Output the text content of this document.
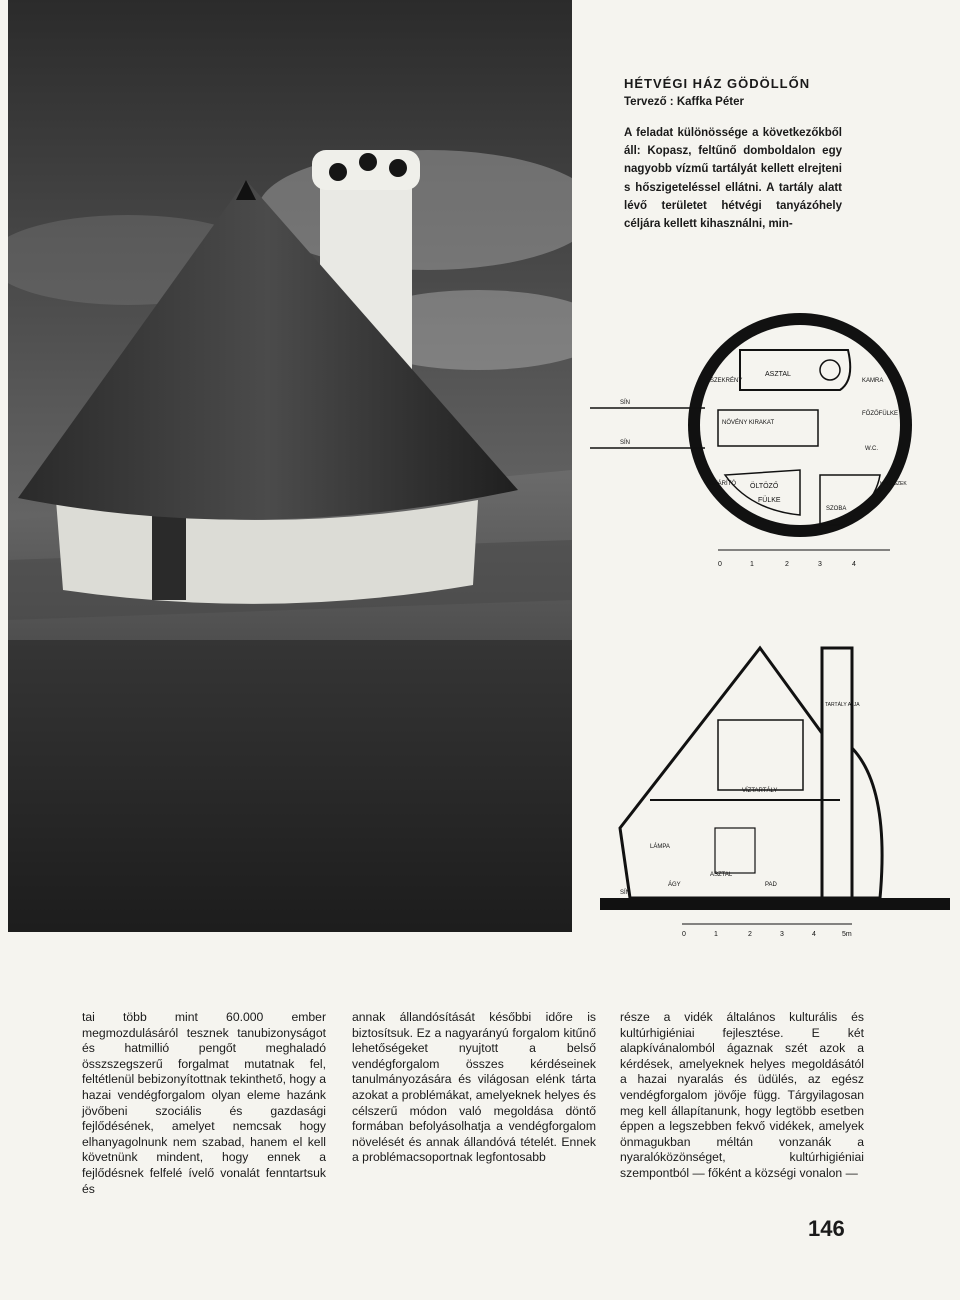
HÉTVÉGI HÁZ GÖDÖLLŐN

Tervező : Kaffka Péter

A feladat különössége a következőkből áll: Kopasz, feltűnő domboldalon egy nagyobb vízmű tartályát kellett elrejteni s hőszigeteléssel ellátni. A tartály alatt lévő területet hétvégi tanyázóhely céljára kellett kihasználni, min-

SÍN
SÍN
ASZTAL
NÖVÉNY KIRAKAT
ÖLTÖZŐ
FÜLKE
SZOBA
FŐZŐFÜLKE
KAMRA
SZEKRÉNY
W.C.
SZÁRÍTÓ
ABLAK
HÁLÓSZEK
0	1	2	3	4
VÍZTARTÁLY
LÁMPA
ÁGY
ASZTAL
PAD
SÍN
TARTÁLY ALJA
0	1	2	3	4	5m

tai több mint 60.000 ember megmozdulásáról tesznek tanubizonyságot és hatmillió pengőt meghaladó összszegszerű forgalmat mutatnak fel, feltétlenül bebizonyítottnak tekinthető, hogy a hazai vendégforgalom olyan eleme hazánk jövőbeni szociális és gazdasági fejlődésének, amelyet nemcsak hogy elhanyagolnunk nem szabad, hanem el kell követnünk mindent, hogy ennek a fejlődésnek felfelé ívelő vonalát fenntartsuk és

annak állandósítását későbbi időre is biztosítsuk. Ez a nagyarányú forgalom kitűnő lehetőségeket nyujtott a belső vendégforgalom összes kérdéseinek tanulmányozására és világosan elénk tárta azokat a problémákat, amelyeknek helyes és célszerű módon való megoldása döntő formában befolyásolhatja a vendégforgalom növelését és annak állandóvá tételét. Ennek a problémacsoportnak legfontosabb

része a vidék általános kulturális és kultúrhigiéniai fejlesztése. E két alapkívánalomból ágaznak szét azok a kérdések, amelyeknek helyes megoldásától a hazai nyaralás és üdülés, az egész vendégforgalom jövője függ. Tárgyilagosan meg kell állapítanunk, hogy legtöbb esetben éppen a legszebben fekvő vidékek, amelyek önmagukban méltán vonzanák a nyaralóközönséget, kultúrhigiéniai szempontból — főként a községi vonalon —

146
